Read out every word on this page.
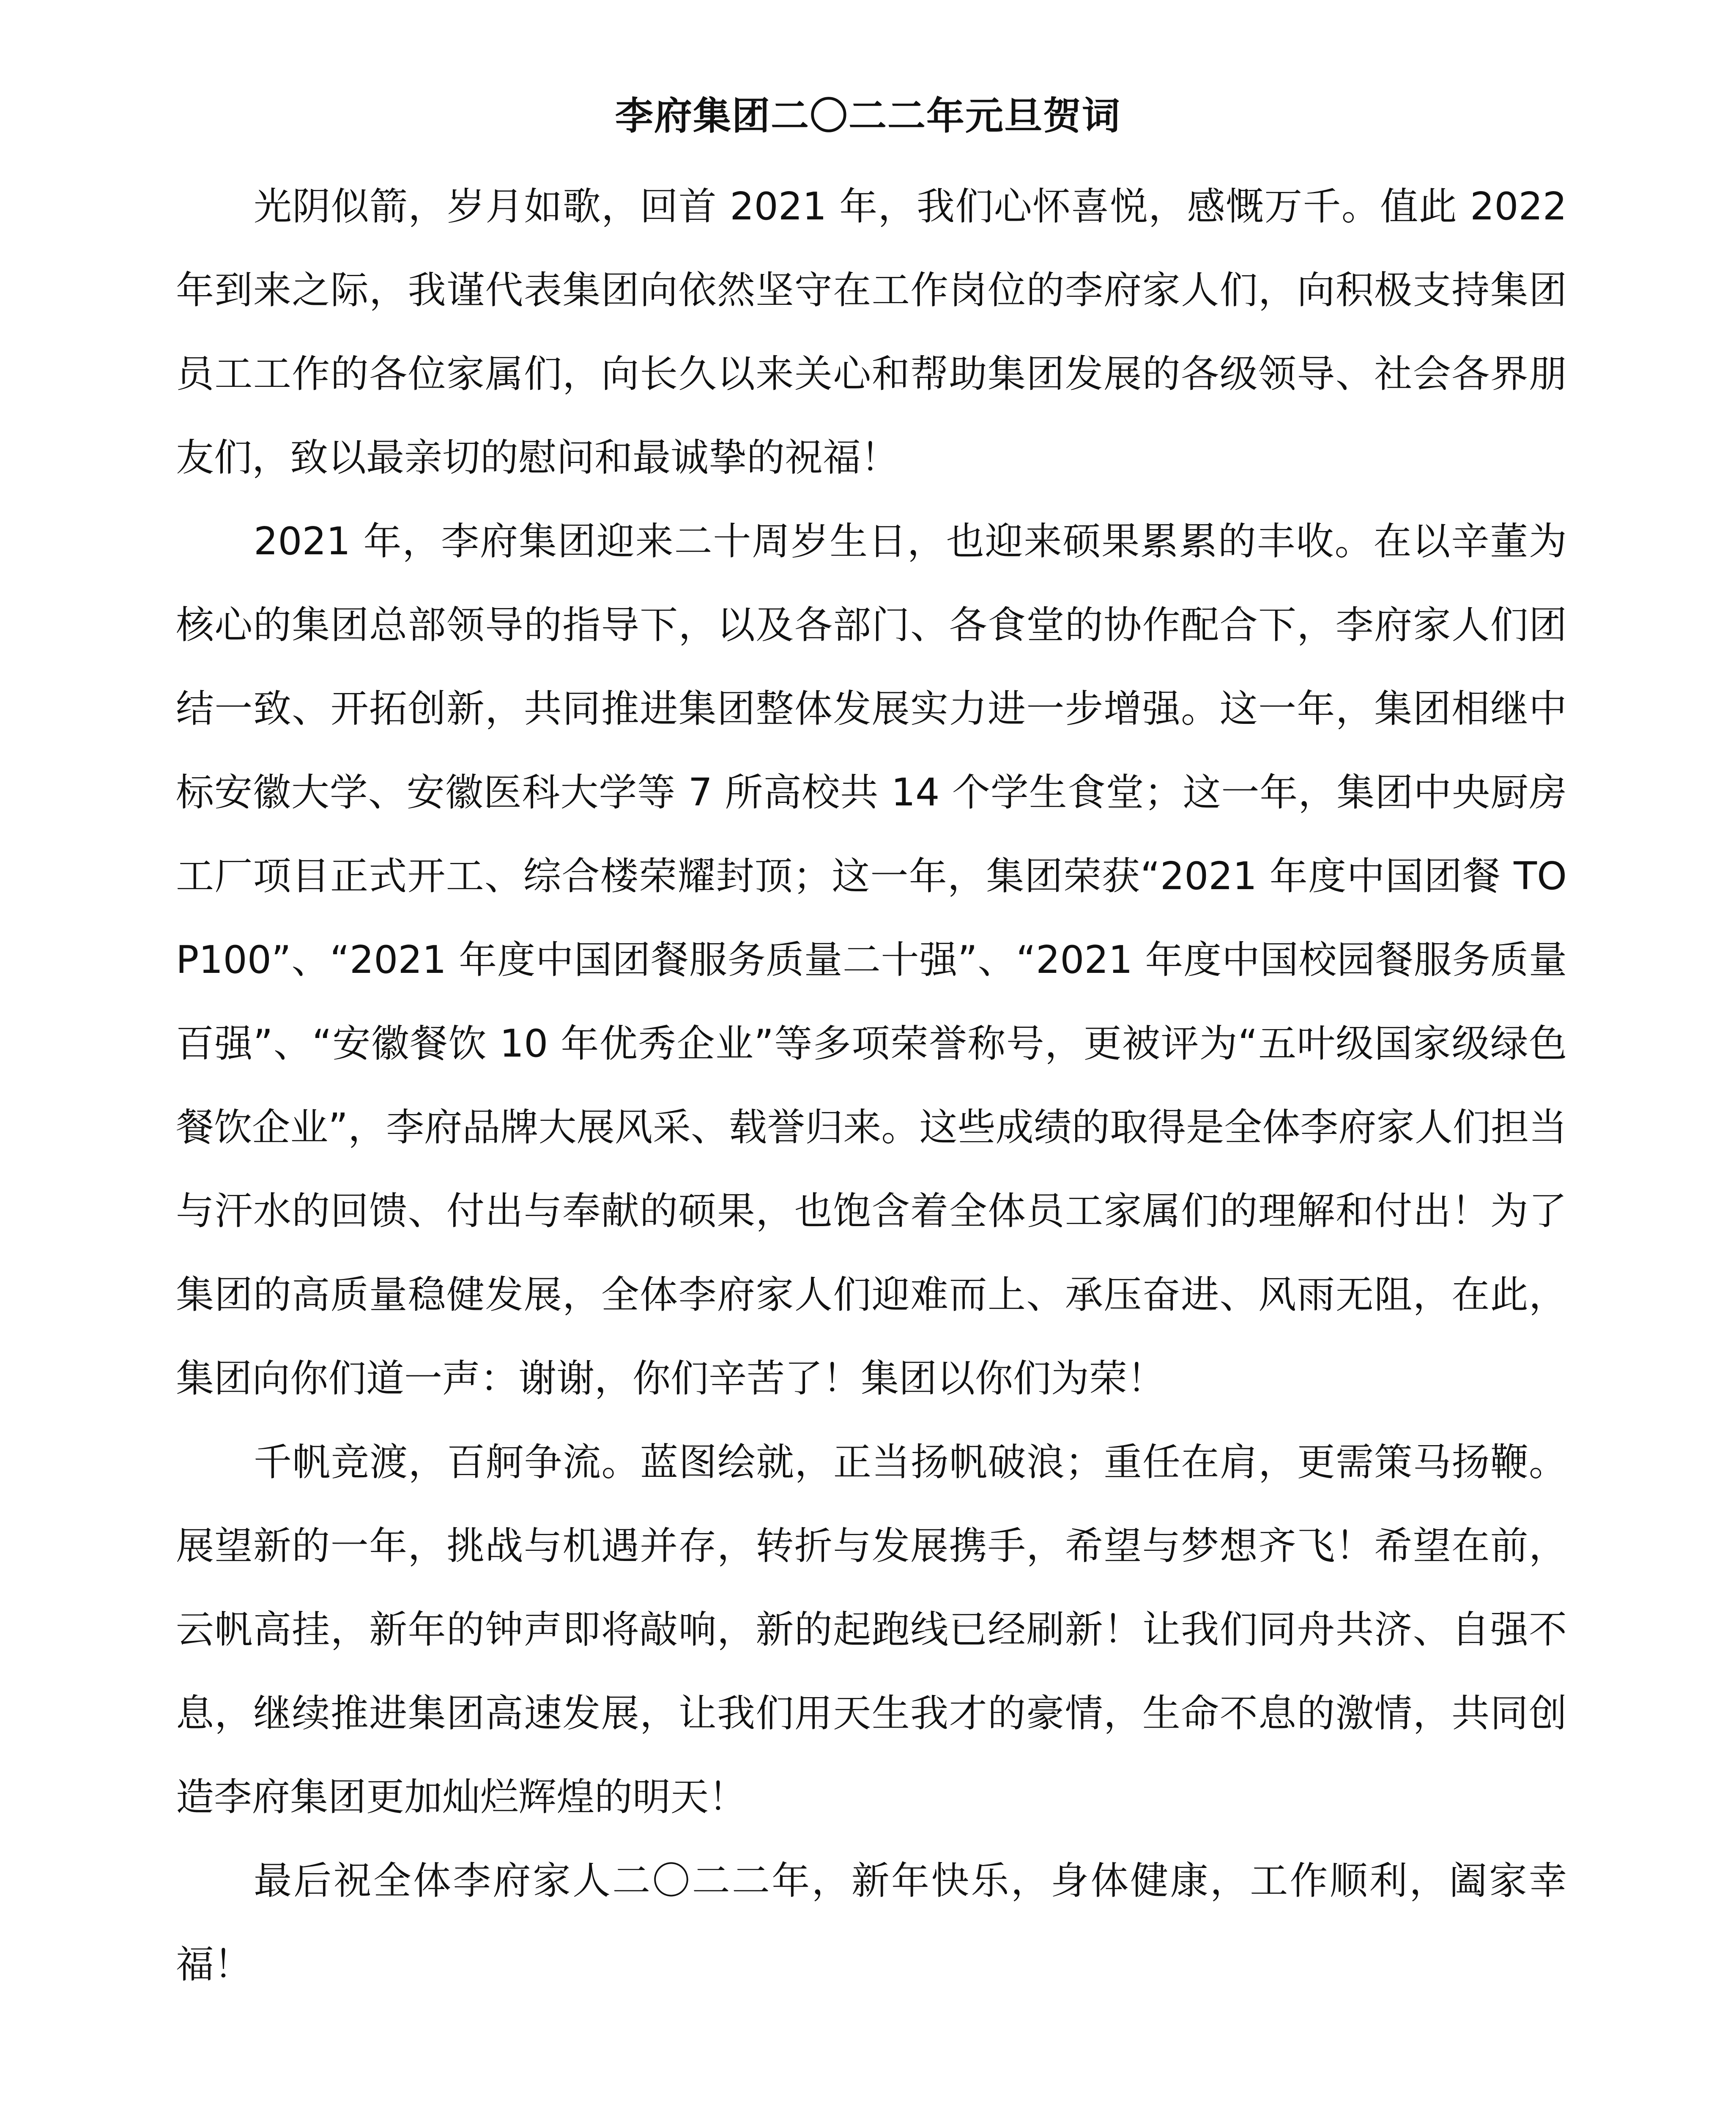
李府集团二〇二二年元旦贺词

光阴似箭，岁月如歌，回首 2021 年，我们心怀喜悦，感慨万千。值此 2022 年到来之际，我谨代表集团向依然坚守在工作岗位的李府家人们，向积极支持集团员工工作的各位家属们，向长久以来关心和帮助集团发展的各级领导、社会各界朋友们，致以最亲切的慰问和最诚挚的祝福！

2021 年，李府集团迎来二十周岁生日，也迎来硕果累累的丰收。在以辛董为核心的集团总部领导的指导下，以及各部门、各食堂的协作配合下，李府家人们团结一致、开拓创新，共同推进集团整体发展实力进一步增强。这一年，集团相继中标安徽大学、安徽医科大学等 7 所高校共 14 个学生食堂；这一年，集团中央厨房工厂项目正式开工、综合楼荣耀封顶；这一年，集团荣获“2021 年度中国团餐 TOP100”、“2021 年度中国团餐服务质量二十强”、“2021 年度中国校园餐服务质量百强”、“安徽餐饮 10 年优秀企业”等多项荣誉称号，更被评为“五叶级国家级绿色餐饮企业”，李府品牌大展风采、载誉归来。这些成绩的取得是全体李府家人们担当与汗水的回馈、付出与奉献的硕果，也饱含着全体员工家属们的理解和付出！为了集团的高质量稳健发展，全体李府家人们迎难而上、承压奋进、风雨无阻，在此，集团向你们道一声：谢谢，你们辛苦了！集团以你们为荣！

千帆竞渡，百舸争流。蓝图绘就，正当扬帆破浪；重任在肩，更需策马扬鞭。展望新的一年，挑战与机遇并存，转折与发展携手，希望与梦想齐飞！希望在前，云帆高挂，新年的钟声即将敲响，新的起跑线已经刷新！让我们同舟共济、自强不息，继续推进集团高速发展，让我们用天生我才的豪情，生命不息的激情，共同创造李府集团更加灿烂辉煌的明天！

最后祝全体李府家人二〇二二年，新年快乐，身体健康，工作顺利，阖家幸福！
